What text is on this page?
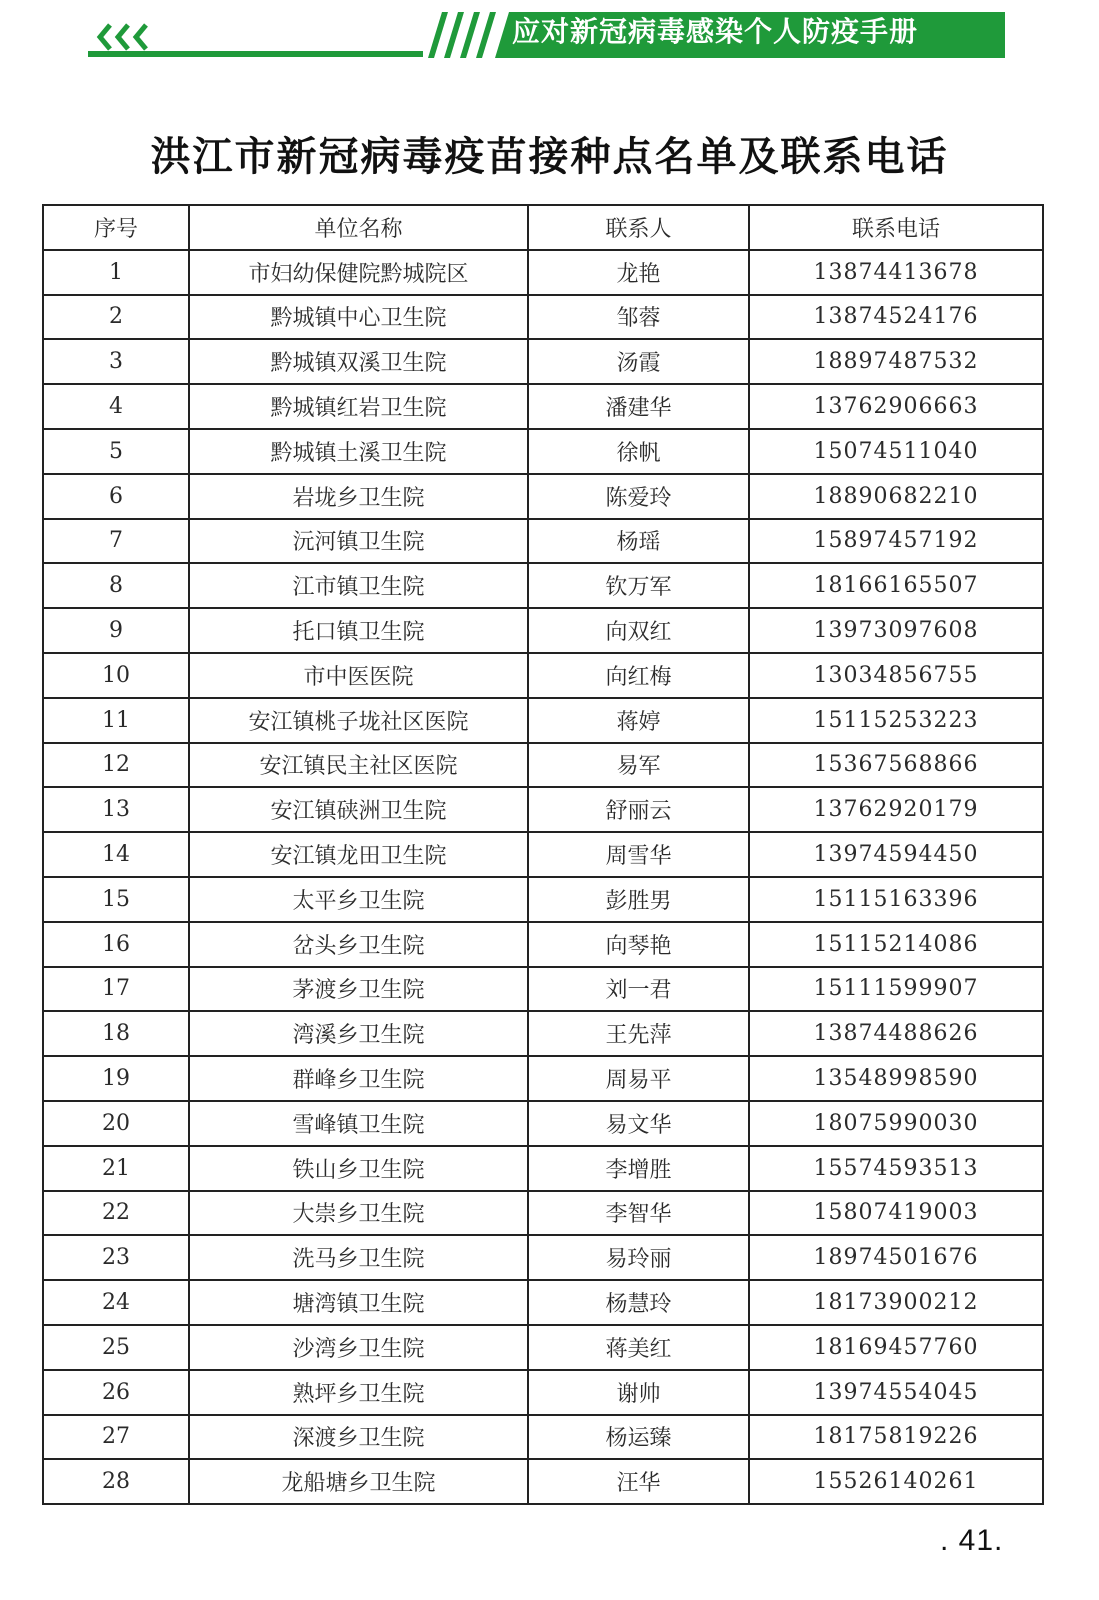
应对新冠病毒感染个人防疫手册
洪江市新冠病毒疫苗接种点名单及联系电话
序号	单位名称	联系人	联系电话
1	市妇幼保健院黔城院区	龙艳	13874413678
2	黔城镇中心卫生院	邹蓉	13874524176
3	黔城镇双溪卫生院	汤霞	18897487532
4	黔城镇红岩卫生院	潘建华	13762906663
5	黔城镇土溪卫生院	徐帆	15074511040
6	岩垅乡卫生院	陈爱玲	18890682210
7	沅河镇卫生院	杨瑶	15897457192
8	江市镇卫生院	钦万军	18166165507
9	托口镇卫生院	向双红	13973097608
10	市中医医院	向红梅	13034856755
11	安江镇桃子垅社区医院	蒋婷	15115253223
12	安江镇民主社区医院	易军	15367568866
13	安江镇硖洲卫生院	舒丽云	13762920179
14	安江镇龙田卫生院	周雪华	13974594450
15	太平乡卫生院	彭胜男	15115163396
16	岔头乡卫生院	向琴艳	15115214086
17	茅渡乡卫生院	刘一君	15111599907
18	湾溪乡卫生院	王先萍	13874488626
19	群峰乡卫生院	周易平	13548998590
20	雪峰镇卫生院	易文华	18075990030
21	铁山乡卫生院	李增胜	15574593513
22	大崇乡卫生院	李智华	15807419003
23	洗马乡卫生院	易玲丽	18974501676
24	塘湾镇卫生院	杨慧玲	18173900212
25	沙湾乡卫生院	蒋美红	18169457760
26	熟坪乡卫生院	谢帅	13974554045
27	深渡乡卫生院	杨运臻	18175819226
28	龙船塘乡卫生院	汪华	15526140261
. 41.
